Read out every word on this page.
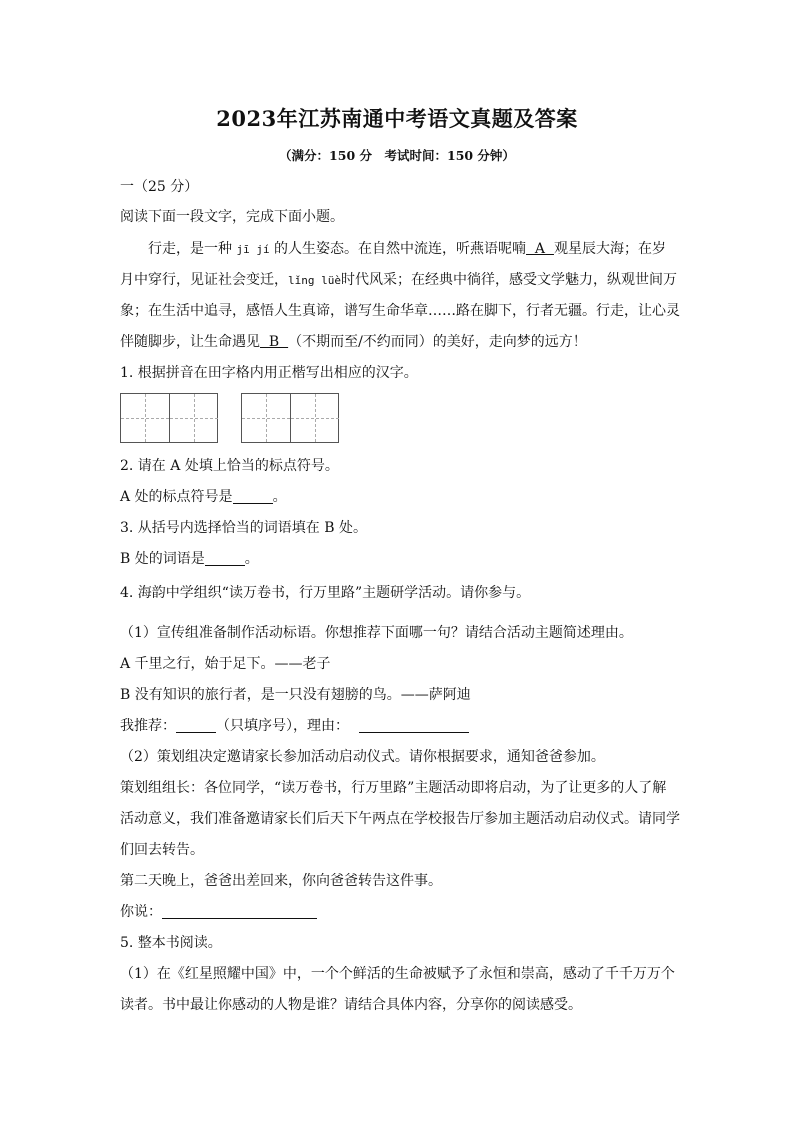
2023年江苏南通中考语文真题及答案
（满分：150 分　考试时间：150 分钟）
一（25 分）
阅读下面一段文字，完成下面小题。
行走，是一种 jī jí 的人生姿态。在自然中流连，听燕语呢喃  A  观星辰大海；在岁
月中穿行，见证社会变迁，lǐng lüè时代风采；在经典中徜徉，感受文学魅力，纵观世间万
象；在生活中追寻，感悟人生真谛，谱写生命华章……路在脚下，行者无疆。行走，让心灵
伴随脚步，让生命遇见  B  （不期而至/不约而同）的美好，走向梦的远方！
1. 根据拼音在田字格内用正楷写出相应的汉字。
2. 请在 A 处填上恰当的标点符号。
A 处的标点符号是	。
3. 从括号内选择恰当的词语填在 B 处。
B 处的词语是	。
4. 海韵中学组织“读万卷书，行万里路”主题研学活动。请你参与。
（1）宣传组准备制作活动标语。你想推荐下面哪一句？请结合活动主题简述理由。
A 千里之行，始于足下。——老子
B 没有知识的旅行者，是一只没有翅膀的鸟。——萨阿迪
我推荐：	（只填序号），理由：
（2）策划组决定邀请家长参加活动启动仪式。请你根据要求，通知爸爸参加。
策划组组长：各位同学，“读万卷书，行万里路”主题活动即将启动，为了让更多的人了解
活动意义，我们准备邀请家长们后天下午两点在学校报告厅参加主题活动启动仪式。请同学
们回去转告。
第二天晚上，爸爸出差回来，你向爸爸转告这件事。
你说：
5. 整本书阅读。
（1）在《红星照耀中国》中，一个个鲜活的生命被赋予了永恒和崇高，感动了千千万万个
读者。书中最让你感动的人物是谁？请结合具体内容，分享你的阅读感受。
